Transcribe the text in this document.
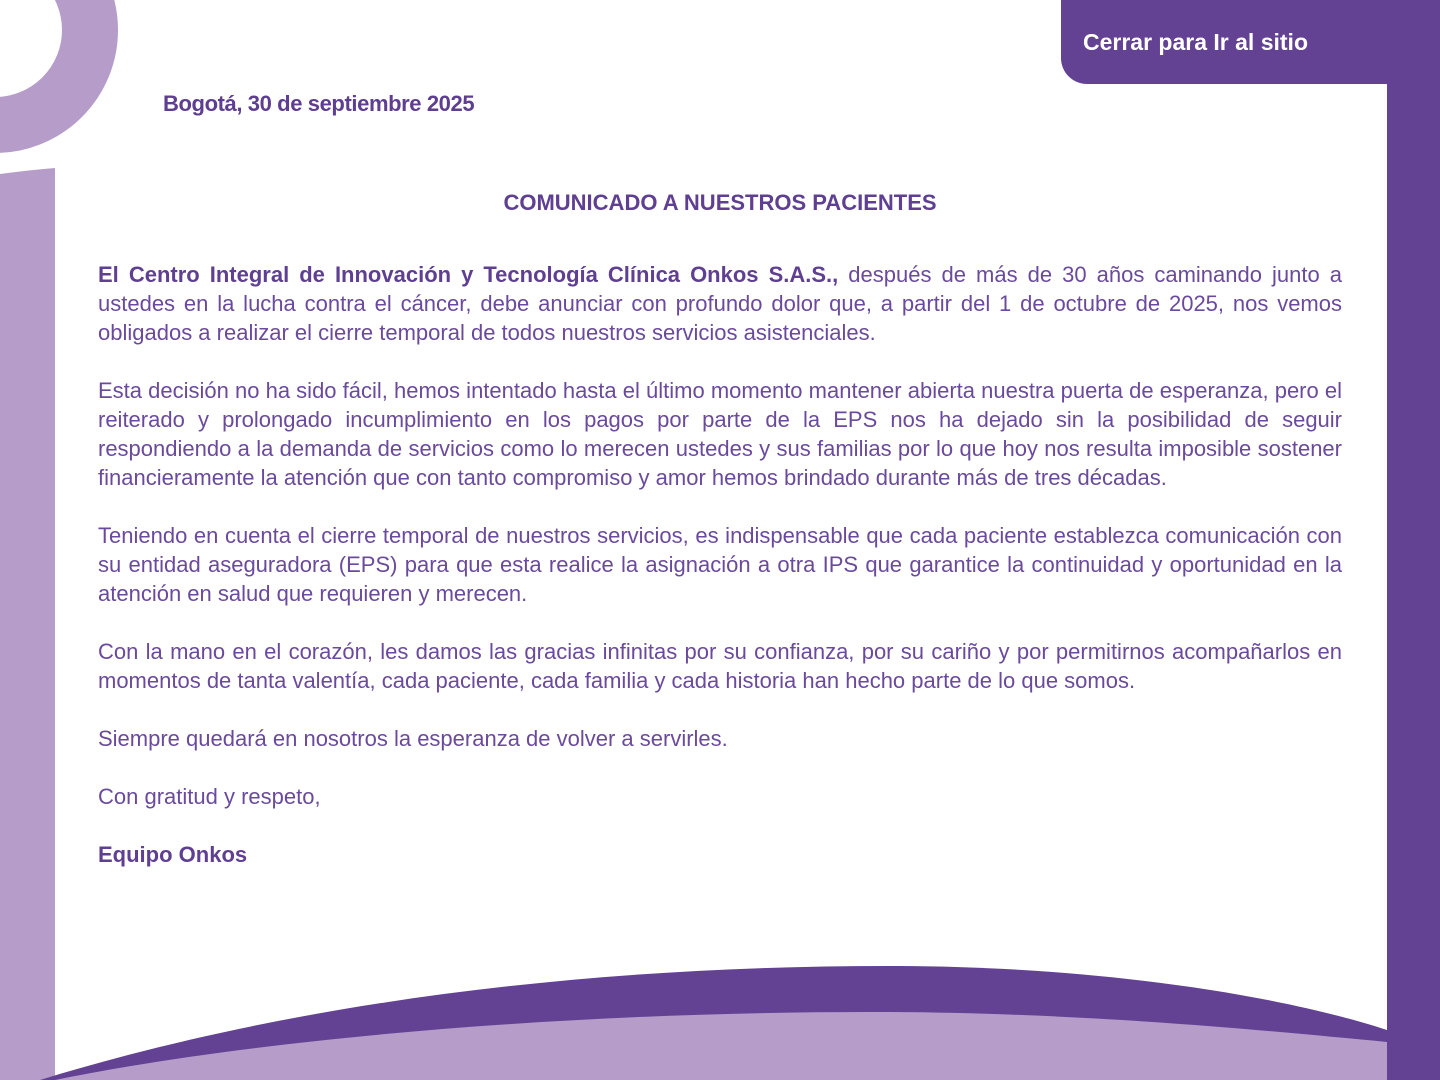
Cerrar para Ir al sitio

Bogotá, 30 de septiembre 2025

COMUNICADO A NUESTROS PACIENTES

El Centro Integral de Innovación y Tecnología Clínica Onkos S.A.S., después de más de 30 años caminando junto a ustedes en la lucha contra el cáncer, debe anunciar con profundo dolor que, a partir del 1 de octubre de 2025, nos vemos obligados a realizar el cierre temporal de todos nuestros servicios asistenciales.

Esta decisión no ha sido fácil, hemos intentado hasta el último momento mantener abierta nuestra puerta de esperanza, pero el reiterado y prolongado incumplimiento en los pagos por parte de la EPS nos ha dejado sin la posibilidad de seguir respondiendo a la demanda de servicios como lo merecen ustedes y sus familias por lo que hoy nos resulta imposible sostener financieramente la atención que con tanto compromiso y amor hemos brindado durante más de tres décadas.

Teniendo en cuenta el cierre temporal de nuestros servicios, es indispensable que cada paciente establezca comunicación con su entidad aseguradora (EPS) para que esta realice la asignación a otra IPS que garantice la continuidad y oportunidad en la atención en salud que requieren y merecen.

Con la mano en el corazón, les damos las gracias infinitas por su confianza, por su cariño y por permitirnos acompañarlos en momentos de tanta valentía, cada paciente, cada familia y cada historia han hecho parte de lo que somos.

Siempre quedará en nosotros la esperanza de volver a servirles.

Con gratitud y respeto,

Equipo Onkos
